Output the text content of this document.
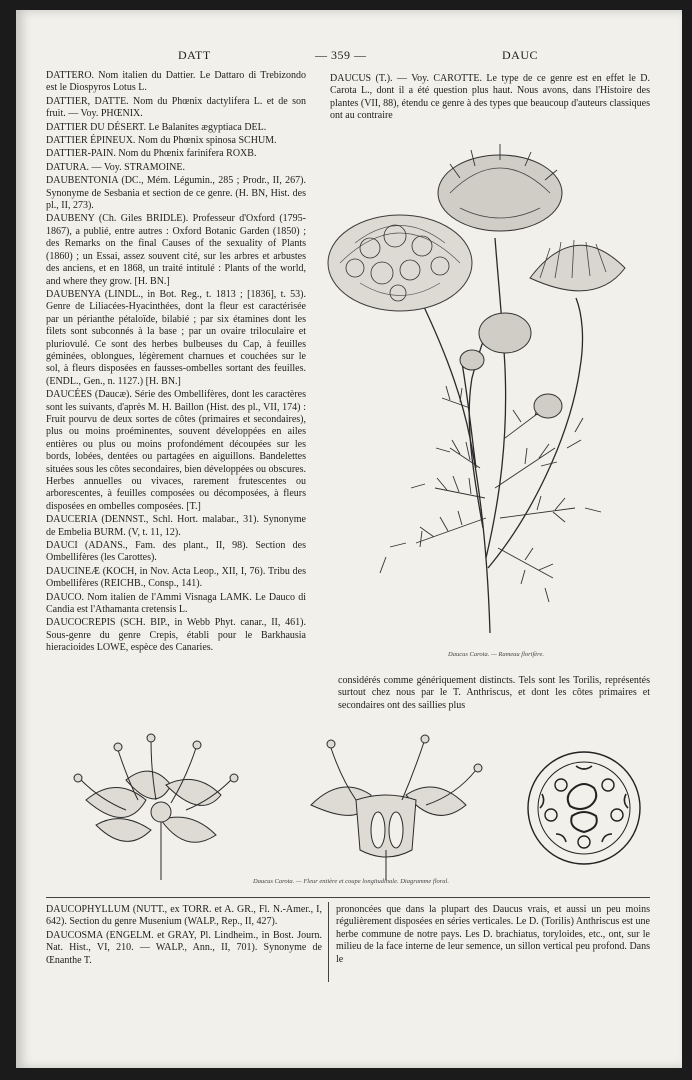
DATT	— 359 —	DAUC

DATTERO. Nom italien du Dattier. Le Dattaro di Trebizondo est le Diospyros Lotus L.

DATTIER, DATTE. Nom du Phœnix dactylifera L. et de son fruit. — Voy. PHŒNIX.

DATTIER DU DÉSERT. Le Balanites ægyptiaca DEL.

DATTIER ÉPINEUX. Nom du Phœnix spinosa SCHUM.

DATTIER-PAIN. Nom du Phœnix farinifera ROXB.

DATURA. — Voy. STRAMOINE.

DAUBENTONIA (DC., Mém. Légumin., 285 ; Prodr., II, 267). Synonyme de Sesbania et section de ce genre. (H. BN, Hist. des pl., II, 273).

DAUBENY (Ch. Giles BRIDLE). Professeur d'Oxford (1795-1867), a publié, entre autres : Oxford Botanic Garden (1850) ; des Remarks on the final Causes of the sexuality of Plants (1860) ; un Essai, assez souvent cité, sur les arbres et arbustes des anciens, et en 1868, un traité intitulé : Plants of the world, and where they grow. [H. BN.]

DAUBENYA (LINDL., in Bot. Reg., t. 1813 ; [1836], t. 53). Genre de Liliacées-Hyacinthées, dont la fleur est caractérisée par un périanthe pétaloïde, bilabié ; par six étamines dont les filets sont subconnés à la base ; par un ovaire triloculaire et pluriovulé. Ce sont des herbes bulbeuses du Cap, à feuilles géminées, oblongues, légèrement charnues et couchées sur le sol, à fleurs disposées en fausses-ombelles sortant des feuilles. (ENDL., Gen., n. 1127.) [H. BN.]

DAUCÉES (Daucæ). Série des Ombellifères, dont les caractères sont les suivants, d'après M. H. Baillon (Hist. des pl., VII, 174) : Fruit pourvu de deux sortes de côtes (primaires et secondaires), plus ou moins proéminentes, souvent développées en ailes entières ou plus ou moins profondément découpées sur les bords, lobées, dentées ou partagées en aiguillons. Bandelettes situées sous les côtes secondaires, bien développées ou obscures. Herbes annuelles ou vivaces, rarement frutescentes ou arborescentes, à feuilles composées ou décomposées, à fleurs disposées en ombelles composées. [T.]

DAUCERIA (DENNST., Schl. Hort. malabar., 31). Synonyme de Embelia BURM. (V, t. 11, 12).

DAUCI (ADANS., Fam. des plant., II, 98). Section des Ombellifères (les Carottes).

DAUCINEÆ (KOCH, in Nov. Acta Leop., XII, I, 76). Tribu des Ombellifères (REICHB., Consp., 141).

DAUCO. Nom italien de l'Ammi Visnaga LAMK. Le Dauco di Candia est l'Athamanta cretensis L.

DAUCOCREPIS (SCH. BIP., in Webb Phyt. canar., II, 461). Sous-genre du genre Crepis, établi pour le Barkhausia hieracioides LOWE, espèce des Canaries.

DAUCUS (T.). — Voy. CAROTTE. Le type de ce genre est en effet le D. Carota L., dont il a été question plus haut. Nous avons, dans l'Histoire des plantes (VII, 88), étendu ce genre à des types que beaucoup d'auteurs classiques ont au contraire
Daucus Carota. — Rameau florifère.
considérés comme génériquement distincts. Tels sont les Torilis, représentés surtout chez nous par le T. Anthriscus, et dont les côtes primaires et secondaires ont des saillies plus
Daucus Carota. — Fleur entière et coupe longitudinale. Diagramme floral.

DAUCOPHYLLUM (NUTT., ex TORR. et A. GR., Fl. N.-Amer., I, 642). Section du genre Musenium (WALP., Rep., II, 427).

DAUCOSMA (ENGELM. et GRAY, Pl. Lindheim., in Bost. Journ. Nat. Hist., VI, 210. — WALP., Ann., II, 701). Synonyme de Œnanthe T.

prononcées que dans la plupart des Daucus vrais, et aussi un peu moins régulièrement disposées en séries verticales. Le D. (Torilis) Anthriscus est une herbe commune de notre pays. Les D. brachiatus, toryloides, etc., ont, sur le milieu de la face interne de leur semence, un sillon vertical peu profond. Dans le
